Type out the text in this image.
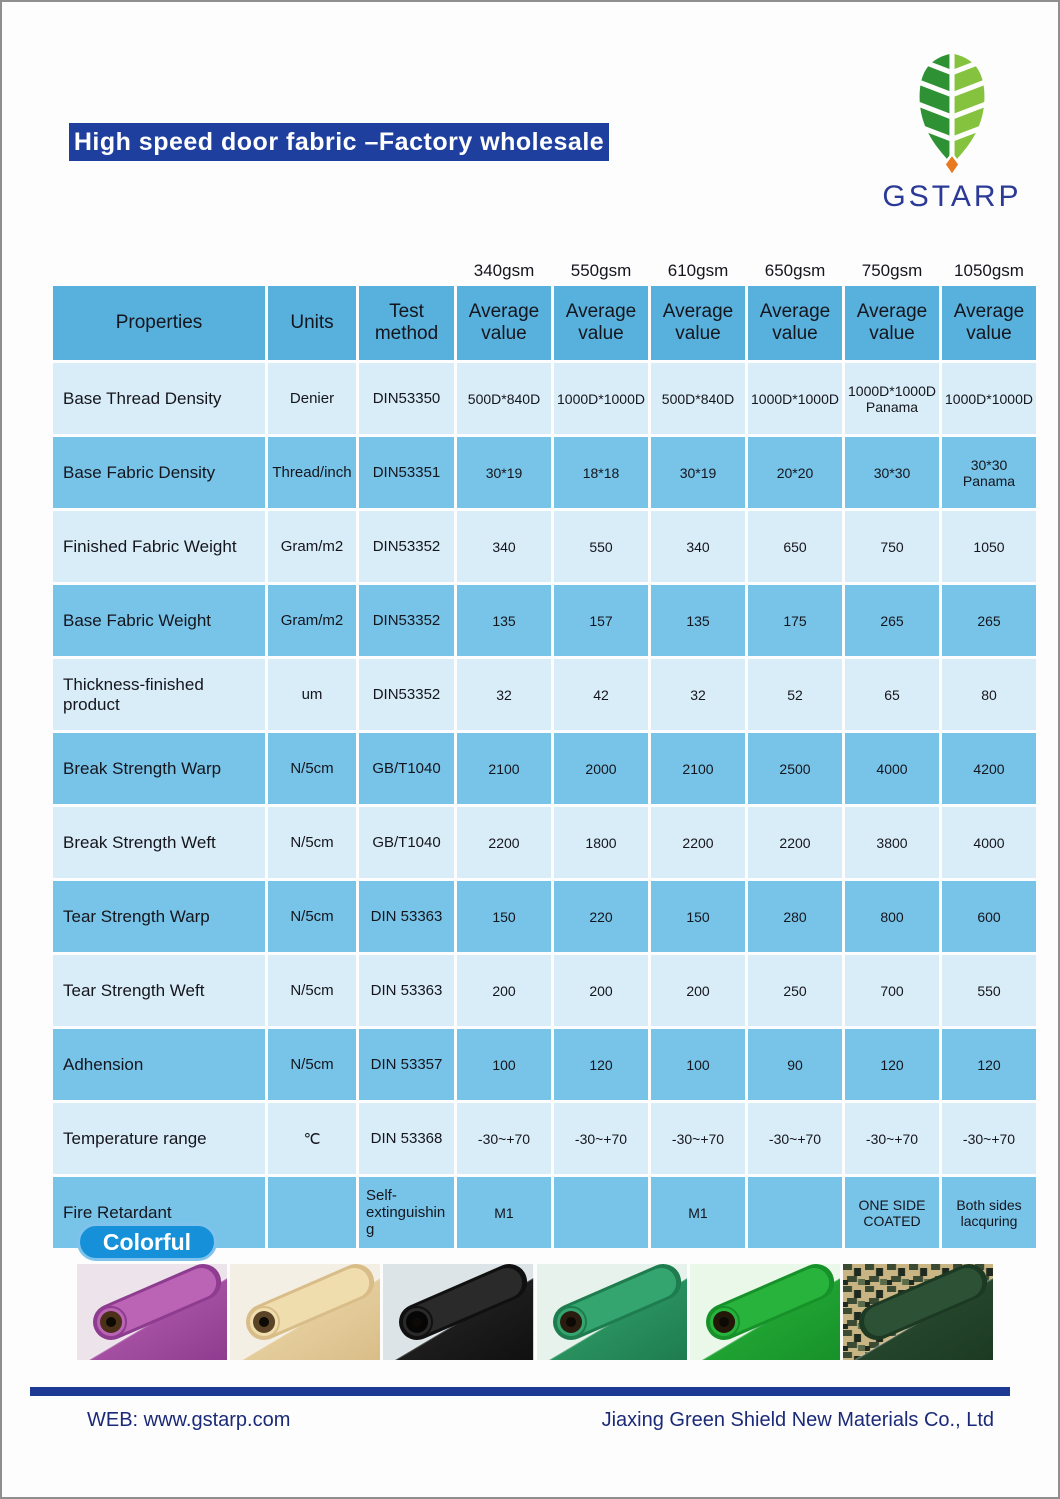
High speed door fabric –Factory wholesale
GSTARP
			340gsm	550gsm	610gsm	650gsm	750gsm	1050gsm
Properties	Units	Test method	Average value	Average value	Average value	Average value	Average value	Average value
Base Thread Density	Denier	DIN53350	500D*840D	1000D*1000D	500D*840D	1000D*1000D	1000D*1000D Panama	1000D*1000D
Base Fabric Density	Thread/inch	DIN53351	30*19	18*18	30*19	20*20	30*30	30*30 Panama
Finished Fabric Weight	Gram/m2	DIN53352	340	550	340	650	750	1050
Base Fabric Weight	Gram/m2	DIN53352	135	157	135	175	265	265
Thickness-finished product	um	DIN53352	32	42	32	52	65	80
Break Strength Warp	N/5cm	GB/T1040	2100	2000	2100	2500	4000	4200
Break Strength Weft	N/5cm	GB/T1040	2200	1800	2200	2200	3800	4000
Tear Strength Warp	N/5cm	DIN 53363	150	220	150	280	800	600
Tear Strength Weft	N/5cm	DIN 53363	200	200	200	250	700	550
Adhension	N/5cm	DIN 53357	100	120	100	90	120	120
Temperature range	℃	DIN 53368	-30~+70	-30~+70	-30~+70	-30~+70	-30~+70	-30~+70
Fire Retardant		Self-extinguishing	M1		M1		ONE SIDE COATED	Both sides lacquring
Colorful
WEB: www.gstarp.com	Jiaxing Green Shield New Materials Co., Ltd
